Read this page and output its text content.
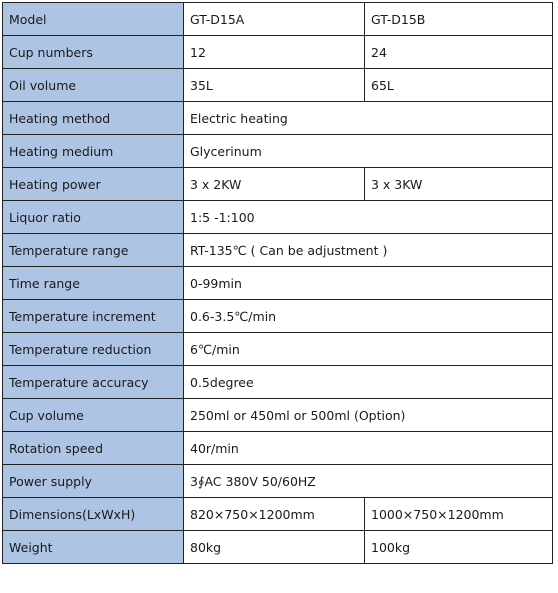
Model	GT-D15A	GT-D15B
Cup numbers	12	24
Oil volume	35L	65L
Heating method	Electric heating	
Heating medium	Glycerinum	
Heating power	3 x 2KW	3 x 3KW
Liquor ratio	1:5 -1:100	
Temperature range	RT-135℃ ( Can be adjustment )	
Time range	0-99min	
Temperature increment	0.6-3.5℃/min	
Temperature reduction	6℃/min	
Temperature accuracy	0.5degree	
Cup volume	250ml or 450ml or 500ml (Option)	
Rotation speed	40r/min	
Power supply	3∮AC 380V 50/60HZ	
Dimensions(LxWxH)	820×750×1200mm	1000×750×1200mm
Weight	80kg	100kg
